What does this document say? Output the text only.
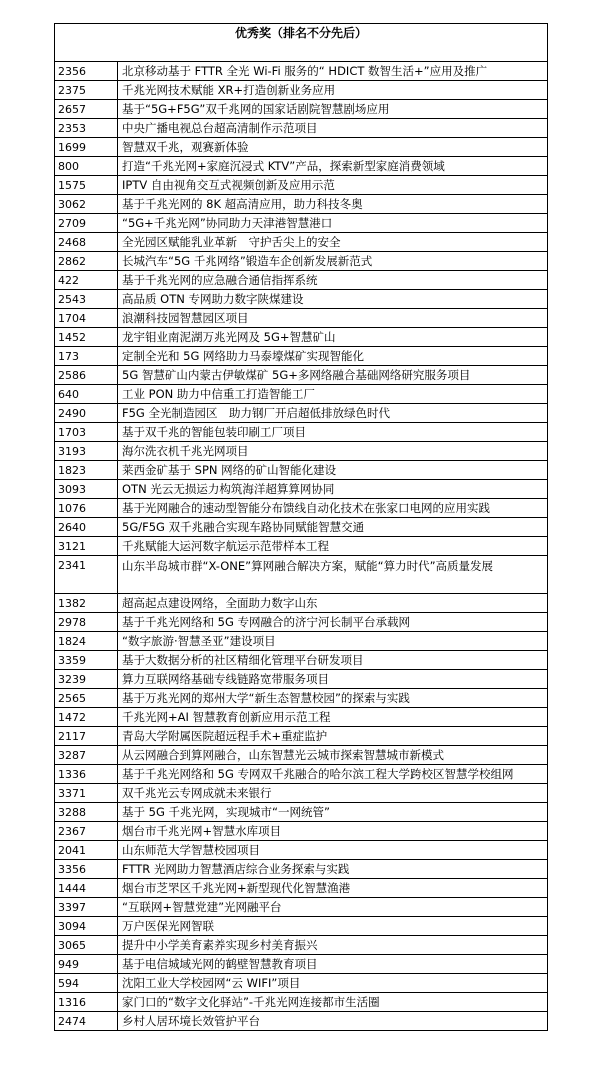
优秀奖（排名不分先后）	
2356	北京移动基于 FTTR 全光 Wi-Fi 服务的“ HDICT 数智生活+”应用及推广
2375	千兆光网技术赋能 XR+打造创新业务应用
2657	基于“5G+F5G”双千兆网的国家话剧院智慧剧场应用
2353	中央广播电视总台超高清制作示范项目
1699	智慧双千兆，观赛新体验
800	打造“千兆光网+家庭沉浸式 KTV”产品，探索新型家庭消费领域
1575	IPTV 自由视角交互式视频创新及应用示范
3062	基于千兆光网的 8K 超高清应用，助力科技冬奥
2709	“5G+千兆光网”协同助力天津港智慧港口
2468	全光园区赋能乳业革新　守护舌尖上的安全
2862	长城汽车“5G 千兆网络”锻造车企创新发展新范式
422	基于千兆光网的应急融合通信指挥系统
2543	高品质 OTN 专网助力数字陕煤建设
1704	浪潮科技园智慧园区项目
1452	龙宇钼业南泥湖万兆光网及 5G+智慧矿山
173	定制全光和 5G 网络助力马泰壕煤矿实现智能化
2586	5G 智慧矿山内蒙古伊敏煤矿 5G+多网络融合基础网络研究服务项目
640	工业 PON 助力中信重工打造智能工厂
2490	F5G 全光制造园区　助力钢厂开启超低排放绿色时代
1703	基于双千兆的智能包装印刷工厂项目
3193	海尔洗衣机千兆光网项目
1823	莱西金矿基于 SPN 网络的矿山智能化建设
3093	OTN 光云无损运力构筑海洋超算算网协同
1076	基于光网融合的速动型智能分布馈线自动化技术在张家口电网的应用实践
2640	5G/F5G 双千兆融合实现车路协同赋能智慧交通
3121	千兆赋能大运河数字航运示范带样本工程
2341	山东半岛城市群“X-ONE”算网融合解决方案，赋能“算力时代”高质量发展
1382	超高起点建设网络，全面助力数字山东
2978	基于千兆光网络和 5G 专网融合的济宁河长制平台承载网
1824	“数字旅游·智慧圣亚”建设项目
3359	基于大数据分析的社区精细化管理平台研发项目
3239	算力互联网络基础专线链路宽带服务项目
2565	基于万兆光网的郑州大学“新生态智慧校园”的探索与实践
1472	千兆光网+AI 智慧教育创新应用示范工程
2117	青岛大学附属医院超远程手术+重症监护
3287	从云网融合到算网融合，山东智慧光云城市探索智慧城市新模式
1336	基于千兆光网络和 5G 专网双千兆融合的哈尔滨工程大学跨校区智慧学校组网
3371	双千兆光云专网成就未来银行
3288	基于 5G 千兆光网，实现城市“一网统管”
2367	烟台市千兆光网+智慧水库项目
2041	山东师范大学智慧校园项目
3356	FTTR 光网助力智慧酒店综合业务探索与实践
1444	烟台市芝罘区千兆光网+新型现代化智慧渔港
3397	“互联网+智慧党建”光网融平台
3094	万户医保光网智联
3065	提升中小学美育素养实现乡村美育振兴
949	基于电信城域光网的鹤壁智慧教育项目
594	沈阳工业大学校园网“云 WIFI”项目
1316	家门口的“数字文化驿站”-千兆光网连接都市生活圈
2474	乡村人居环境长效管护平台
